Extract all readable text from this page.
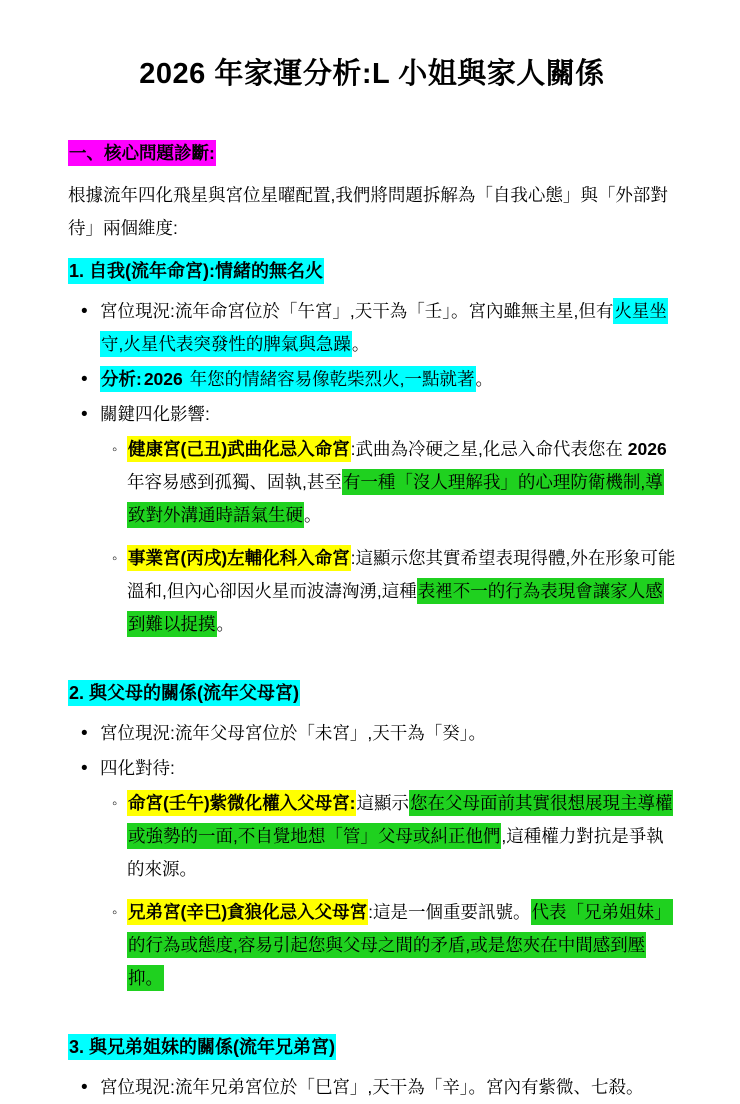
2026 年家運分析:L 小姐與家人關係
一、核心問題診斷:
根據流年四化飛星與宮位星曜配置,我們將問題拆解為「自我心態」與「外部對待」兩個維度:
1. 自我(流年命宮):情緒的無名火
• 宮位現況:流年命宮位於「午宮」,天干為「壬」。宮內雖無主星,但有火星坐守,火星代表突發性的脾氣與急躁。
• 分析: 2026 年您的情緒容易像乾柴烈火,一點就著。
• 關鍵四化影響:
◦ 健康宮(己丑)武曲化忌入命宮:武曲為冷硬之星,化忌入命代表您在 2026 年容易感到孤獨、固執,甚至有一種「沒人理解我」的心理防衛機制,導致對外溝通時語氣生硬。
◦ 事業宮(丙戌)左輔化科入命宮:這顯示您其實希望表現得體,外在形象可能溫和,但內心卻因火星而波濤洶湧,這種表裡不一的行為表現會讓家人感到難以捉摸。
2. 與父母的關係(流年父母宮)
• 宮位現況:流年父母宮位於「未宮」,天干為「癸」。
• 四化對待:
◦ 命宮(壬午)紫微化權入父母宮:這顯示您在父母面前其實很想展現主導權或強勢的一面,不自覺地想「管」父母或糾正他們,這種權力對抗是爭執的來源。
◦ 兄弟宮(辛巳)貪狼化忌入父母宮:這是一個重要訊號。代表「兄弟姐妹」的行為或態度,容易引起您與父母之間的矛盾,或是您夾在中間感到壓抑。
3. 與兄弟姐妹的關係(流年兄弟宮)
• 宮位現況:流年兄弟宮位於「巳宮」,天干為「辛」。宮內有紫微、七殺。
